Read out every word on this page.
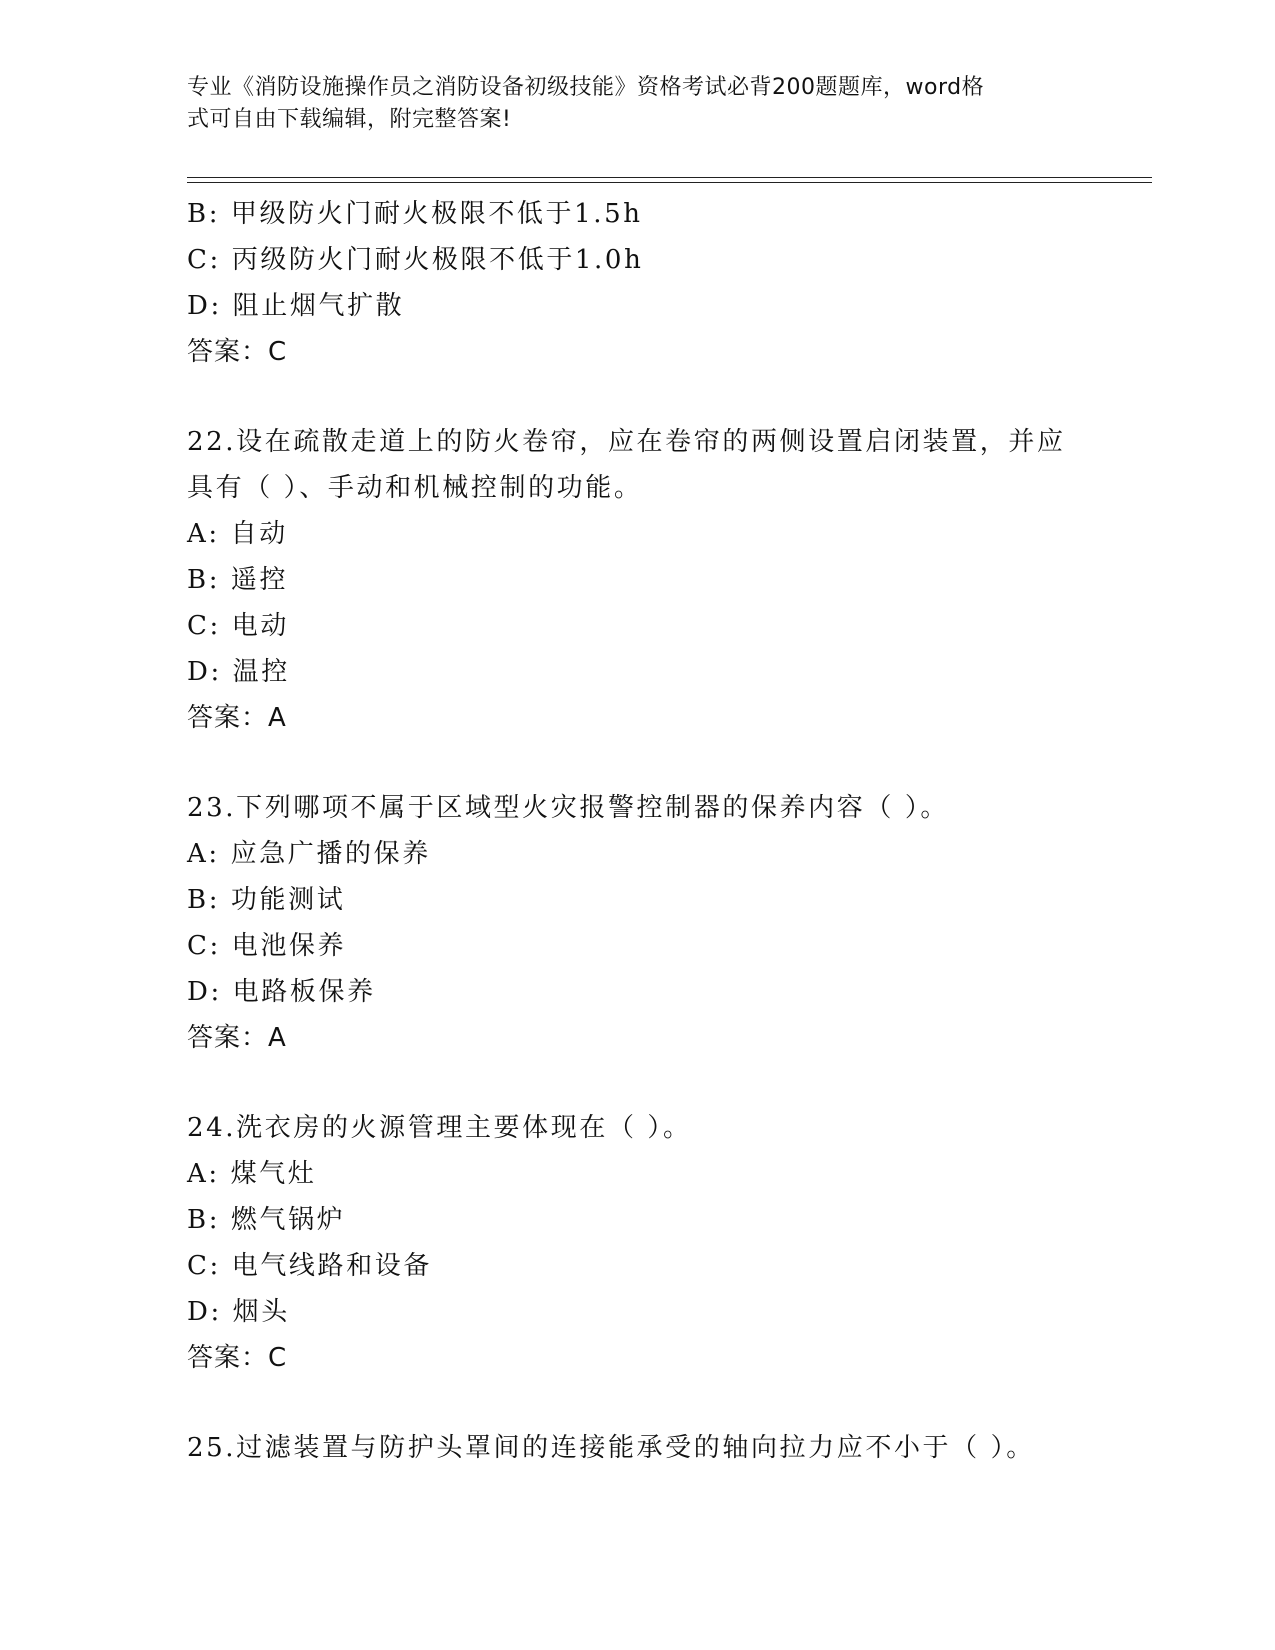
专业《消防设施操作员之消防设备初级技能》资格考试必背200题题库，word格
式可自由下载编辑，附完整答案!
B: 甲级防火门耐火极限不低于1.5h
C: 丙级防火门耐火极限不低于1.0h
D: 阻止烟气扩散
答案：C
22.设在疏散走道上的防火卷帘，应在卷帘的两侧设置启闭装置，并应
具有（ ）、手动和机械控制的功能。
A: 自动
B: 遥控
C: 电动
D: 温控
答案：A
23.下列哪项不属于区域型火灾报警控制器的保养内容（ ）。
A: 应急广播的保养
B: 功能测试
C: 电池保养
D: 电路板保养
答案：A
24.洗衣房的火源管理主要体现在（ ）。
A: 煤气灶
B: 燃气锅炉
C: 电气线路和设备
D: 烟头
答案：C
25.过滤装置与防护头罩间的连接能承受的轴向拉力应不小于（ ）。
